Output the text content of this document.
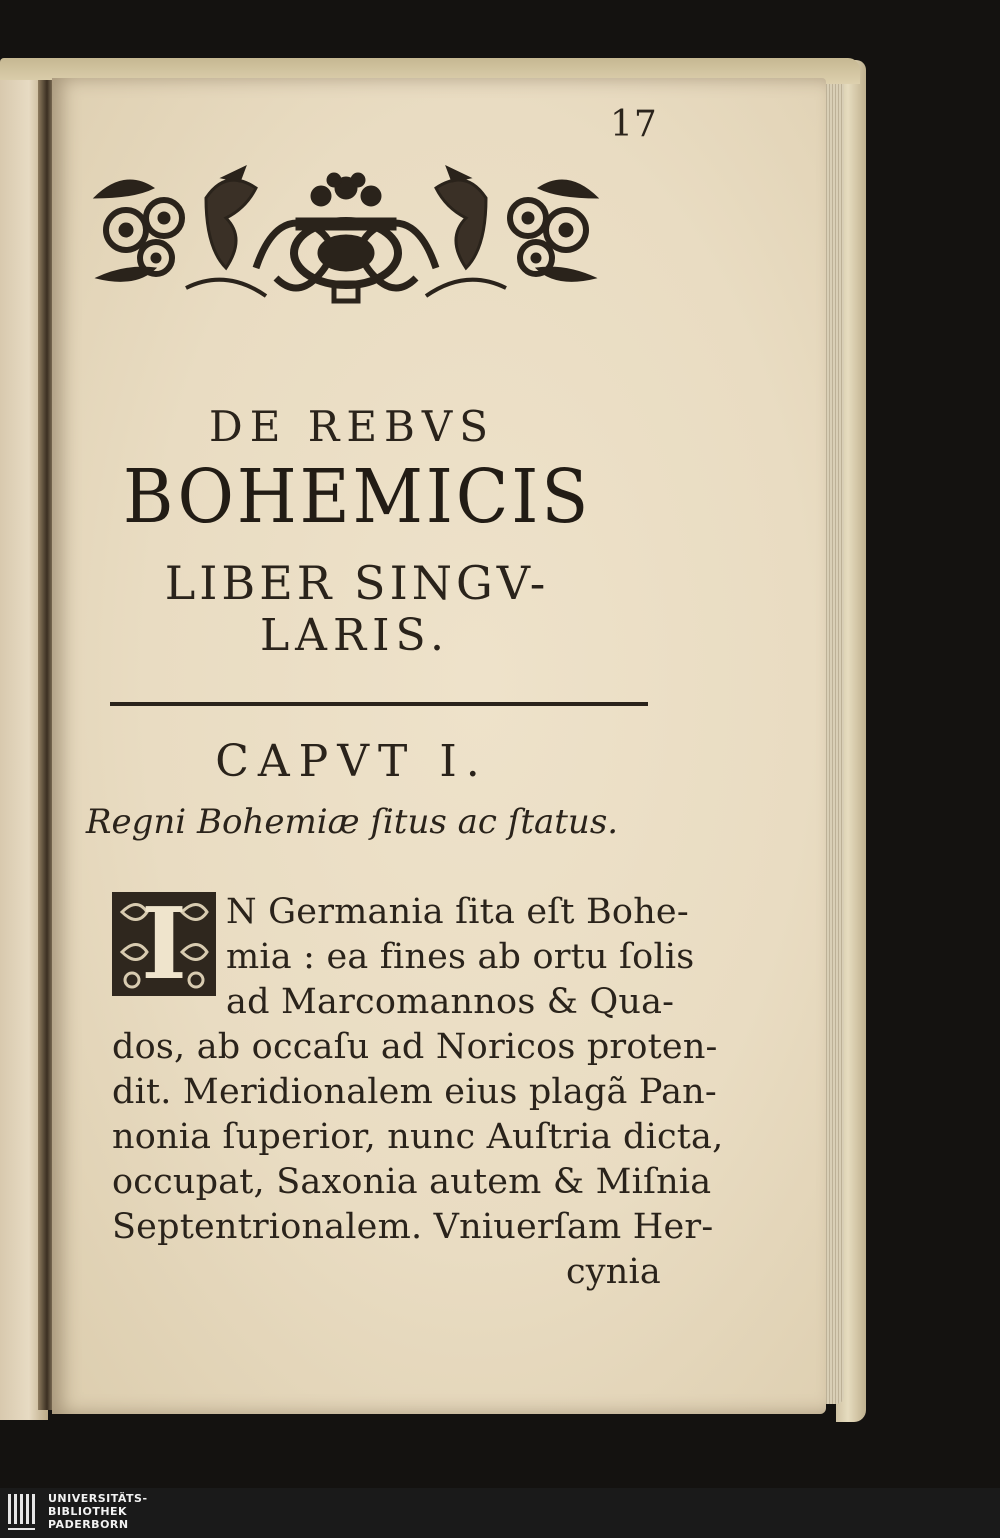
17
DE REBVS
BOHEMICIS
LIBER SINGV-
LARIS.
CAPVT I.
Regni Bohemiæ ſitus ac ſtatus.
I	N Germania ſita eſt Bohe-
mia : ea fines ab ortu ſolis
ad Marcomannos & Qua-
dos, ab occaſu ad Noricos proten-
dit. Meridionalem eius plagã Pan-
nonia ſuperior, nunc Auſtria dicta,
occupat, Saxonia autem & Miſnia
Septentrionalem. Vniuerſam Her-
cynia
UNIVERSITÄTS-
BIBLIOTHEK
PADERBORN
